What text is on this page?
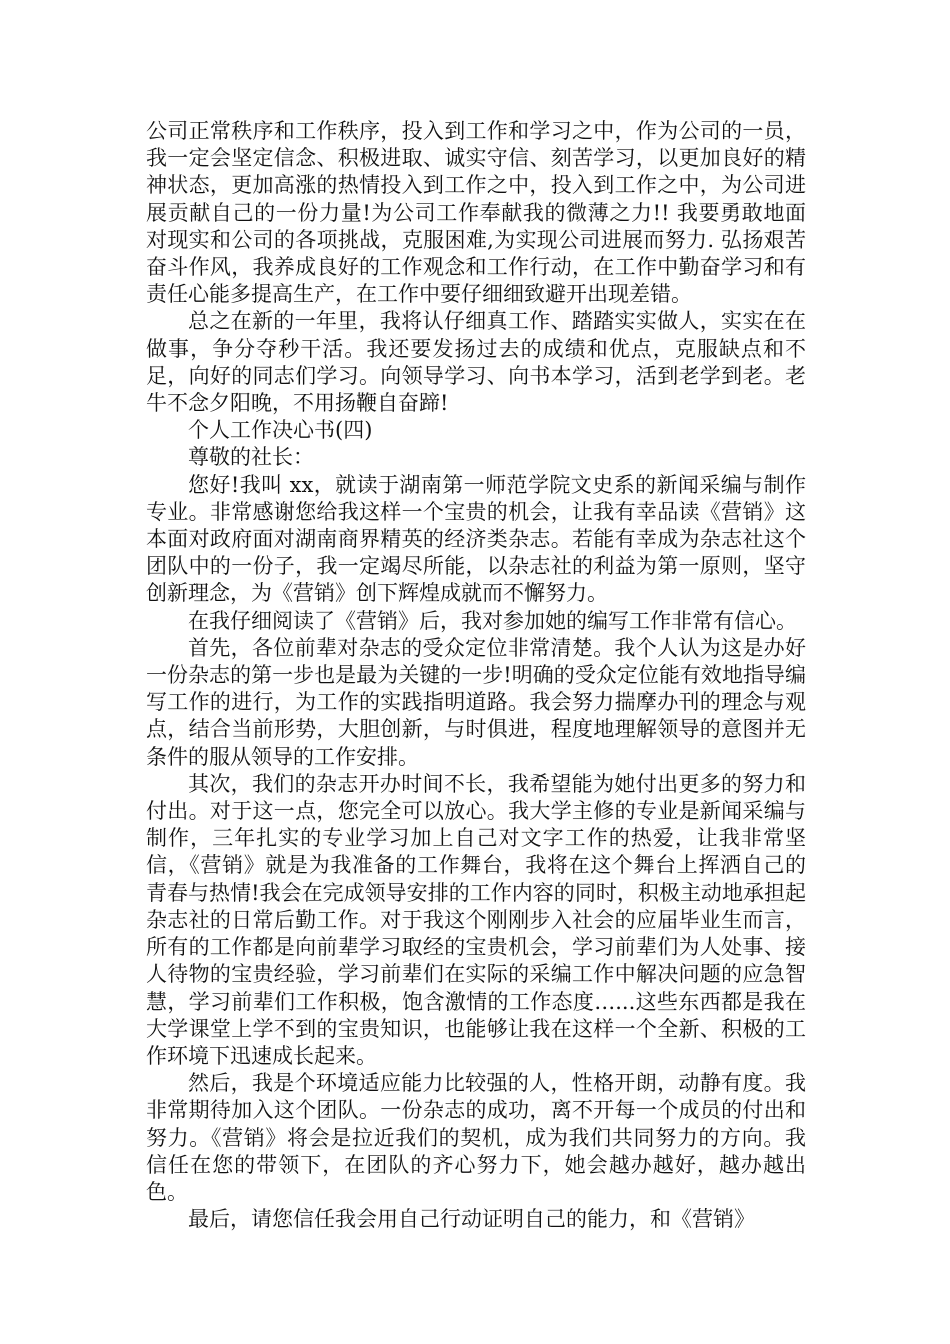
公司正常秩序和工作秩序，投入到工作和学习之中，作为公司的一员，我一定会坚定信念、积极进取、诚实守信、刻苦学习，以更加良好的精神状态，更加高涨的热情投入到工作之中，投入到工作之中，为公司进展贡献自己的一份力量!为公司工作奉献我的微薄之力!! 我要勇敢地面对现实和公司的各项挑战，克服困难,为实现公司进展而努力. 弘扬艰苦奋斗作风，我养成良好的工作观念和工作行动，在工作中勤奋学习和有责任心能多提高生产，在工作中要仔细细致避开出现差错。

总之在新的一年里，我将认仔细真工作、踏踏实实做人，实实在在做事，争分夺秒干活。我还要发扬过去的成绩和优点，克服缺点和不足，向好的同志们学习。向领导学习、向书本学习，活到老学到老。老牛不念夕阳晚，不用扬鞭自奋蹄!

个人工作决心书(四)

尊敬的社长：

您好!我叫 xx，就读于湖南第一师范学院文史系的新闻采编与制作专业。非常感谢您给我这样一个宝贵的机会，让我有幸品读《营销》这本面对政府面对湖南商界精英的经济类杂志。若能有幸成为杂志社这个团队中的一份子，我一定竭尽所能，以杂志社的利益为第一原则，坚守创新理念，为《营销》创下辉煌成就而不懈努力。

在我仔细阅读了《营销》后，我对参加她的编写工作非常有信心。

首先，各位前辈对杂志的受众定位非常清楚。我个人认为这是办好一份杂志的第一步也是最为关键的一步!明确的受众定位能有效地指导编写工作的进行，为工作的实践指明道路。我会努力揣摩办刊的理念与观点，结合当前形势，大胆创新，与时俱进，程度地理解领导的意图并无条件的服从领导的工作安排。

其次，我们的杂志开办时间不长，我希望能为她付出更多的努力和付出。对于这一点，您完全可以放心。我大学主修的专业是新闻采编与制作，三年扎实的专业学习加上自己对文字工作的热爱，让我非常坚信，《营销》就是为我准备的工作舞台，我将在这个舞台上挥洒自己的青春与热情!我会在完成领导安排的工作内容的同时，积极主动地承担起杂志社的日常后勤工作。对于我这个刚刚步入社会的应届毕业生而言，所有的工作都是向前辈学习取经的宝贵机会，学习前辈们为人处事、接人待物的宝贵经验，学习前辈们在实际的采编工作中解决问题的应急智慧，学习前辈们工作积极，饱含激情的工作态度…...这些东西都是我在大学课堂上学不到的宝贵知识，也能够让我在这样一个全新、积极的工作环境下迅速成长起来。

然后，我是个环境适应能力比较强的人，性格开朗，动静有度。我非常期待加入这个团队。一份杂志的成功，离不开每一个成员的付出和努力。《营销》将会是拉近我们的契机，成为我们共同努力的方向。我信任在您的带领下，在团队的齐心努力下，她会越办越好，越办越出色。

最后，请您信任我会用自己行动证明自己的能力，和《营销》
